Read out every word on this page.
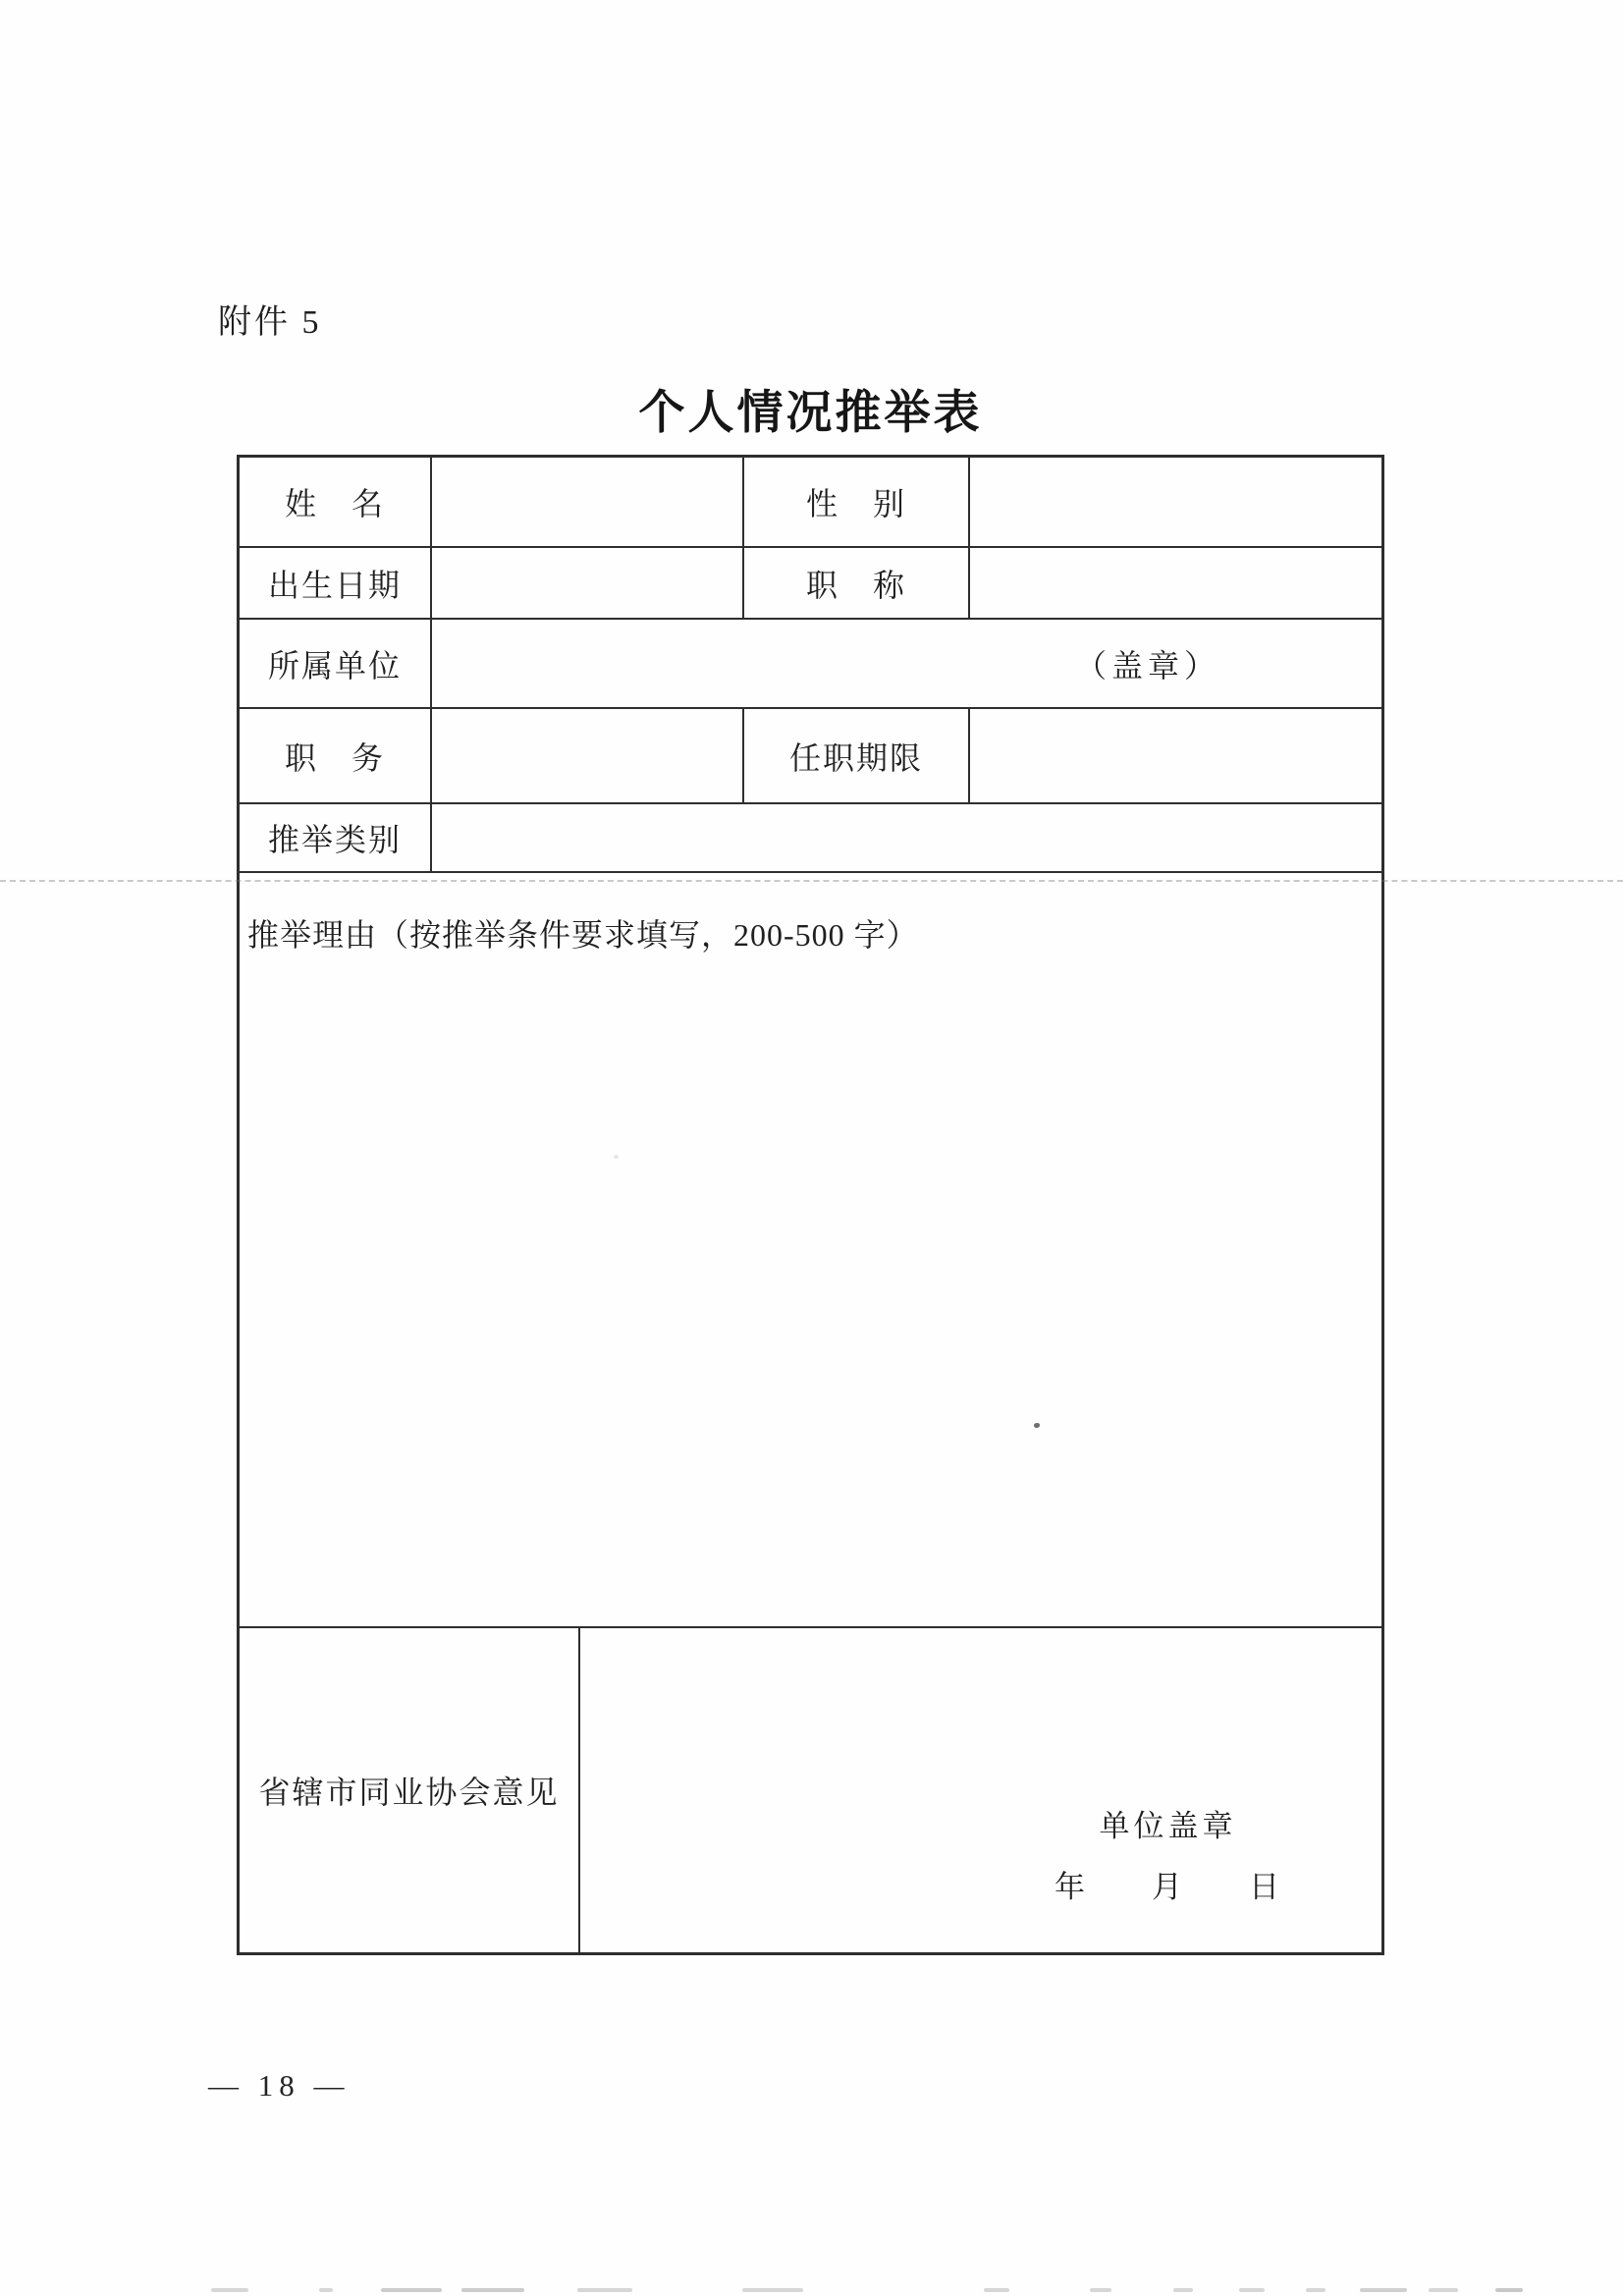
附件 5
个人情况推举表
姓　名	性　别
出生日期	职　称
所属单位	（盖章）
职　务	任职期限
推举类别
推举理由（按推举条件要求填写，200-500 字）
省辖市同业协会意见
单位盖章
年　　月　　日
— 18 —
